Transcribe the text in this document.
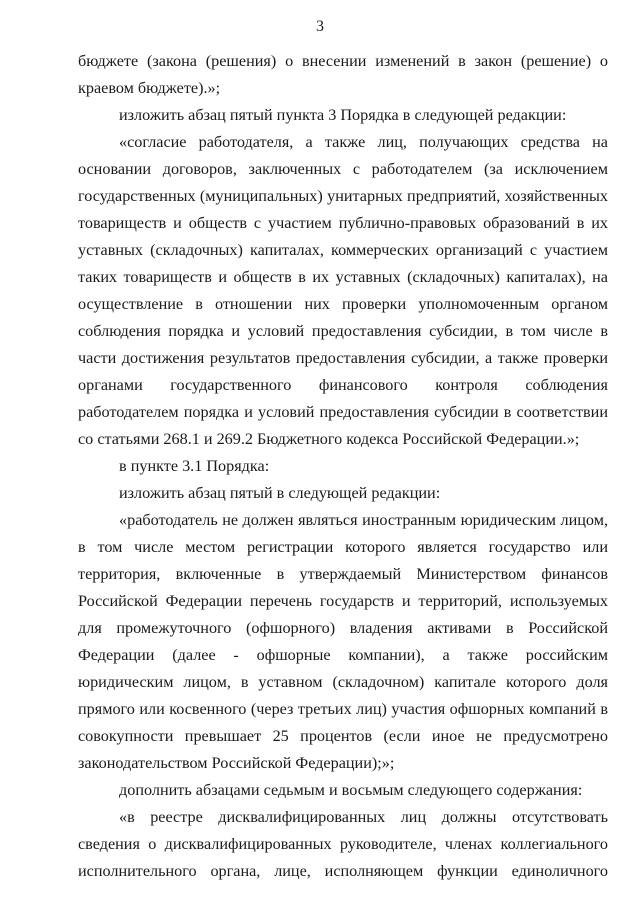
3

бюджете (закона (решения) о внесении изменений в закон (решение) о краевом бюджете).»;

изложить абзац пятый пункта 3 Порядка в следующей редакции:

«согласие работодателя, а также лиц, получающих средства на основании договоров, заключенных с работодателем (за исключением государственных (муниципальных) унитарных предприятий, хозяйственных товариществ и обществ с участием публично-правовых образований в их уставных (складочных) капиталах, коммерческих организаций с участием таких товариществ и обществ в их уставных (складочных) капиталах), на осуществление в отношении них проверки уполномоченным органом соблюдения порядка и условий предоставления субсидии, в том числе в части достижения результатов предоставления субсидии, а также проверки органами государственного финансового контроля соблюдения работодателем порядка и условий предоставления субсидии в соответствии со статьями 268.1 и 269.2 Бюджетного кодекса Российской Федерации.»;

в пункте 3.1 Порядка:

изложить абзац пятый в следующей редакции:

«работодатель не должен являться иностранным юридическим лицом, в том числе местом регистрации которого является государство или территория, включенные в утверждаемый Министерством финансов Российской Федерации перечень государств и территорий, используемых для промежуточного (офшорного) владения активами в Российской Федерации (далее - офшорные компании), а также российским юридическим лицом, в уставном (складочном) капитале которого доля прямого или косвенного (через третьих лиц) участия офшорных компаний в совокупности превышает 25 процентов (если иное не предусмотрено законодательством Российской Федерации);»;

дополнить абзацами седьмым и восьмым следующего содержания:

«в реестре дисквалифицированных лиц должны отсутствовать сведения о дисквалифицированных руководителе, членах коллегиального исполнительного органа, лице, исполняющем функции единоличного
